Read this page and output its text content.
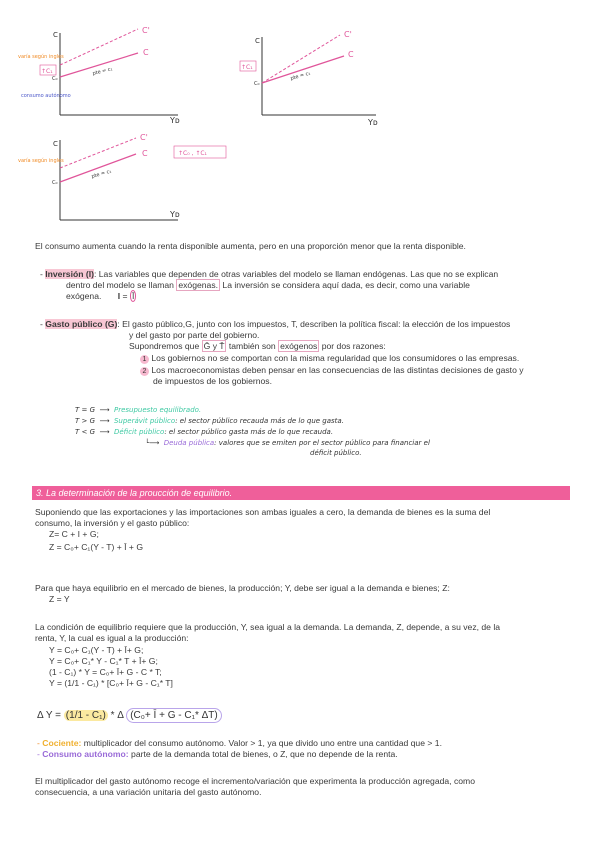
C
Yᴅ
C
C'
pte = c₁
C₀
varía según ingles
consumo autónomo
↑C₁
C
Yᴅ
C
C'
pte = c₁
C₀
↑C₁
C
Yᴅ
C
C'
pte = c₁
C₀
varía según ingles
↑C₀ , ↑C₁
El consumo aumenta cuando la renta disponible aumenta, pero en una proporción menor que la renta disponible.
- Inversión (I): Las variables que dependen de otras variables del modelo se llaman endógenas. Las que no se explican
dentro del modelo se llaman exógenas. La inversión se considera aquí dada, es decir, como una variable
exógena. I = Ī
- Gasto público (G): El gasto público,G, junto con los impuestos, T, describen la política fiscal: la elección de los impuestos
y del gasto por parte del gobierno.
Supondremos que Ḡ y T̄ también son exógenos por dos razones:
1 Los gobiernos no se comportan con la misma regularidad que los consumidores o las empresas.
2 Los macroeconomistas deben pensar en las consecuencias de las distintas decisiones de gasto y
de impuestos de los gobiernos.
T = G  ⟶  Presupuesto equilibrado.
T > G  ⟶  Superávit público: el sector público recauda más de lo que gasta.
T < G  ⟶  Déficit público: el sector público gasta más de lo que recauda.
└⟶  Deuda pública: valores que se emiten por el sector público para financiar el
déficit público.
3. La determinación de la proucción de equilibrio.
Suponiendo que las exportaciones y las importaciones son ambas iguales a cero, la demanda de bienes es la suma del
consumo, la inversión y el gasto público:
Z= C + I + G;
Z = C₀+ C₁(Y - T) + Ī + G
Para que haya equilibrio en el mercado de bienes, la producción; Y, debe ser igual a la demanda e bienes; Z:
Z = Y
La condición de equilibrio requiere que la producción, Y, sea igual a la demanda. La demanda, Z, depende, a su vez, de la
renta, Y, la cual es igual a la producción:
Y = C₀+ C₁(Y - T) + Ī+ G;
Y = C₀+ C₁* Y - C₁* T + Ī+ G;
(1 - C₁) * Y = C₀+ Ī+ G - C * T;
Y = (1/1 - C₁) * [C₀+ Ī+ G - C₁* T]
Δ Y = (1/1 - C₁) * Δ (C₀+ Ī + G - C₁* ΔT)
- Cociente: multiplicador del consumo autónomo. Valor > 1, ya que divido uno entre una cantidad que > 1.
- Consumo autónomo: parte de la demanda total de bienes, o Z, que no depende de la renta.
El multiplicador del gasto autónomo recoge el incremento/variación que experimenta la producción agregada, como
consecuencia, a una variación unitaria del gasto autónomo.
